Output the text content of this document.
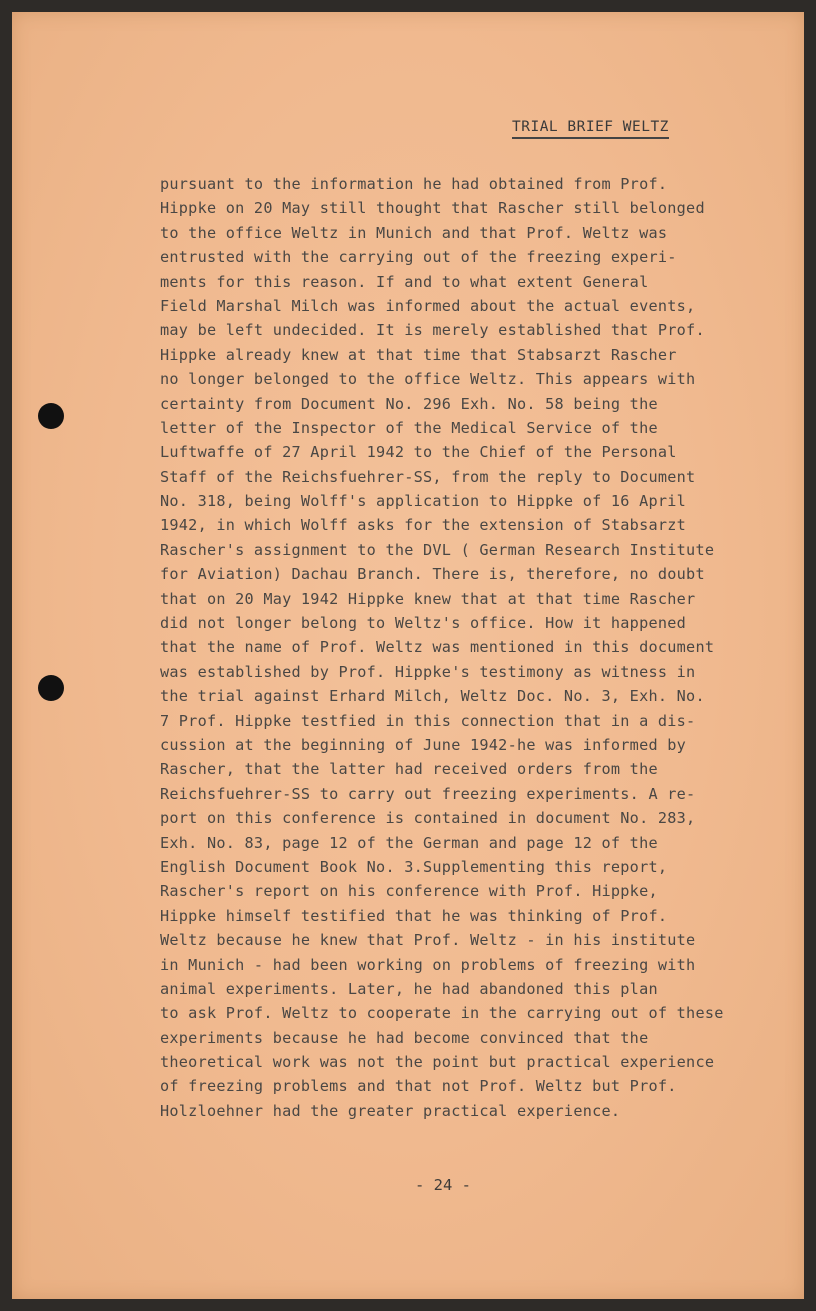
TRIAL BRIEF WELTZ
pursuant to the information he had obtained from Prof.
Hippke on 20 May still thought that Rascher still belonged
to the office Weltz in Munich and that Prof. Weltz was
entrusted with the carrying out of the freezing experi-
ments for this reason. If and to what extent General
Field Marshal Milch was informed about the actual events,
may be left undecided. It is merely established that Prof.
Hippke already knew at that time that Stabsarzt Rascher
no longer belonged to the office Weltz. This appears with
certainty from Document No. 296 Exh. No. 58 being the
letter of the Inspector of the Medical Service of the
Luftwaffe of 27 April 1942 to the Chief of the Personal
Staff of the Reichsfuehrer-SS, from the reply to Document
No. 318, being Wolff's application to Hippke of 16 April
1942, in which Wolff asks for the extension of Stabsarzt
Rascher's assignment to the DVL ( German Research Institute
for Aviation) Dachau Branch. There is, therefore, no doubt
that on 20 May 1942 Hippke knew that at that time Rascher
did not longer belong to Weltz's office. How it happened
that the name of Prof. Weltz was mentioned in this document
was established by Prof. Hippke's testimony as witness in
the trial against Erhard Milch, Weltz Doc. No. 3, Exh. No.
7 Prof. Hippke testfied in this connection that in a dis-
cussion at the beginning of June 1942-he was informed by
Rascher, that the latter had received orders from the
Reichsfuehrer-SS to carry out freezing experiments. A re-
port on this conference is contained in document No. 283,
Exh. No. 83, page 12 of the German and page 12 of the
English Document Book No. 3.Supplementing this report,
Rascher's report on his conference with Prof. Hippke,
Hippke himself testified that he was thinking of Prof.
Weltz because he knew that Prof. Weltz - in his institute
in Munich - had been working on problems of freezing with
animal experiments. Later, he had abandoned this plan
to ask Prof. Weltz to cooperate in the carrying out of these
experiments because he had become convinced that the
theoretical work was not the point but practical experience
of freezing problems and that not Prof. Weltz but Prof.
Holzloehner had the greater practical experience.
- 24 -
